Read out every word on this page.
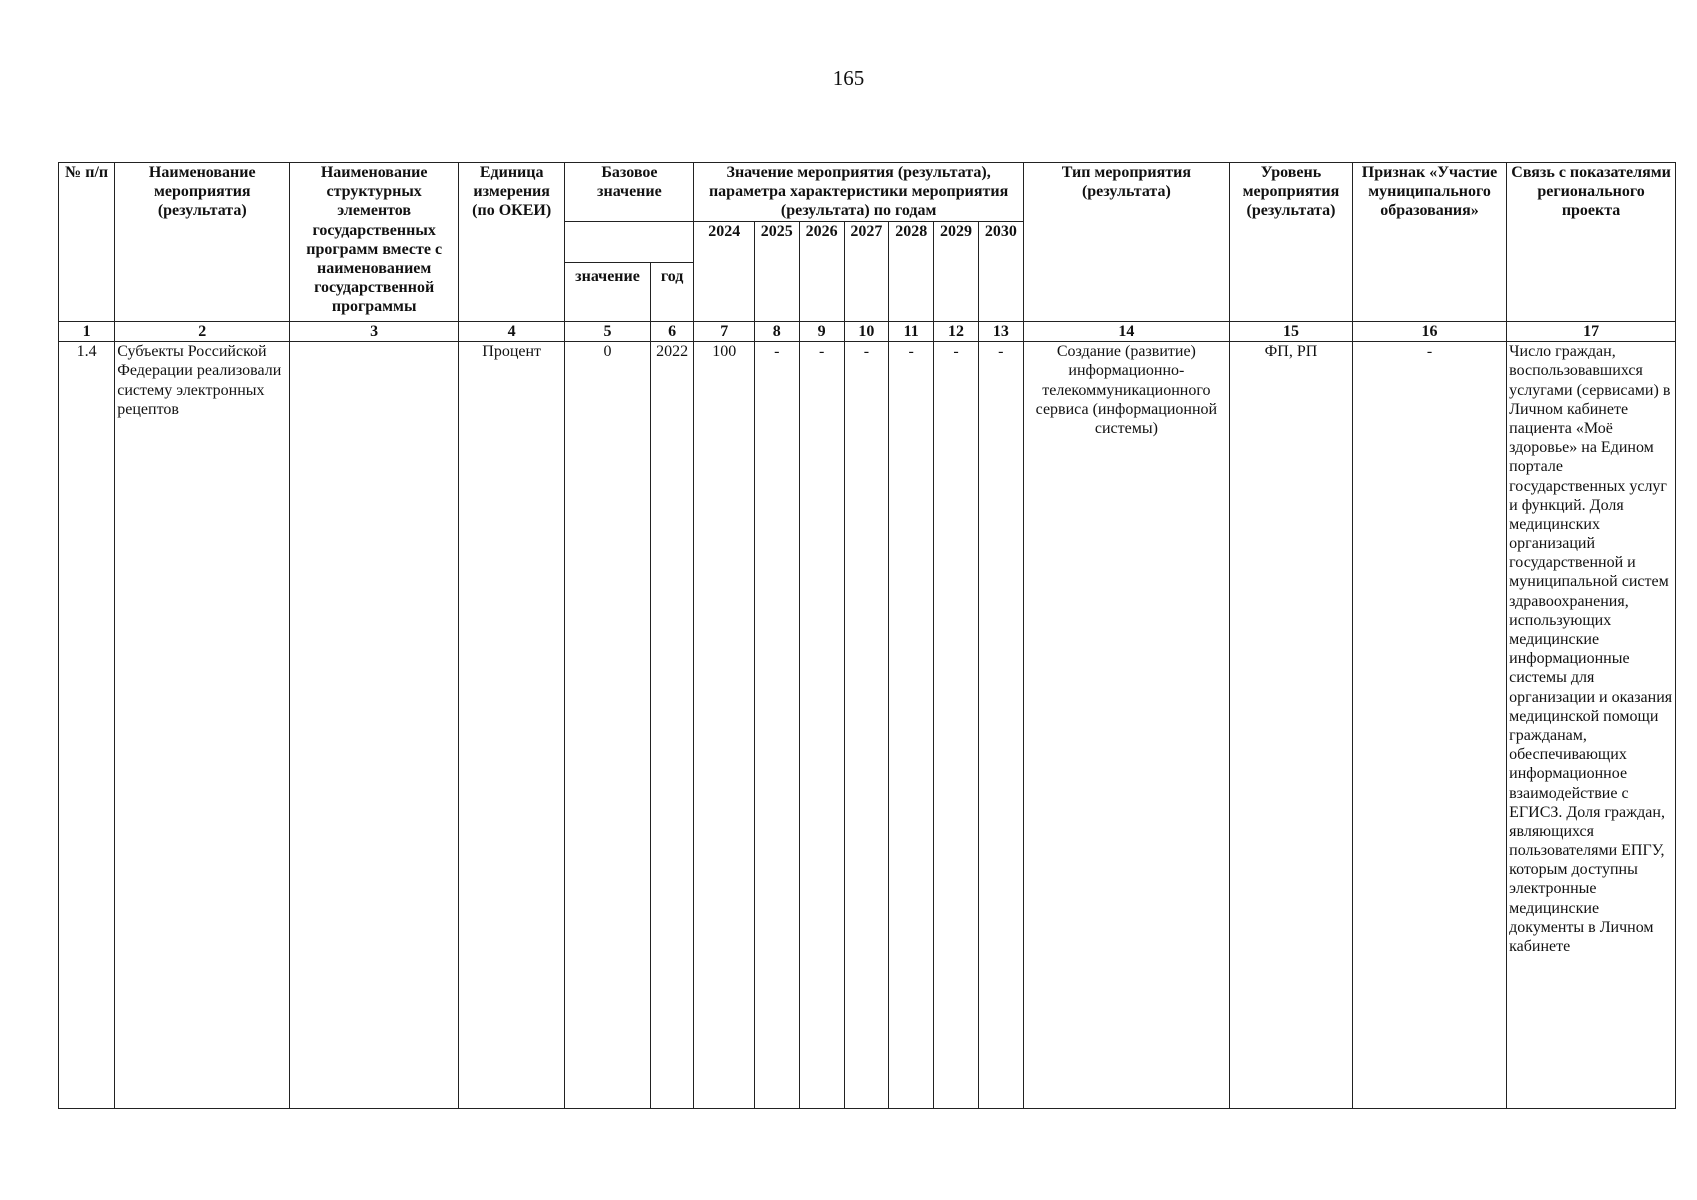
165
№ п/п	Наименование мероприятия (результата)	Наименование структурных элементов государственных программ вместе с наименованием государственной программы	Единица измерения (по ОКЕИ)	Базовое значение		Значение мероприятия (результата), параметра характеристики мероприятия (результата) по годам							Тип мероприятия (результата)	Уровень мероприятия (результата)	Признак «Участие муниципального образования»	Связь с показателями регионального проекта
						2024	2025	2026	2027	2028	2029	2030				
				значение	год											
1	2	3	4	5	6	7	8	9	10	11	12	13	14	15	16	17
1.4	Субъекты Российской Федерации реализовали систему электронных рецептов		Процент	0	2022	100	-	-	-	-	-	-	Создание (развитие) информационно-телекоммуникационного сервиса (информационной системы)	ФП, РП	-	Число граждан, воспользовавшихся услугами (сервисами) в Личном кабинете пациента «Моё здоровье» на Едином портале государственных услуг и функций. Доля медицинских организаций государственной и муниципальной систем здравоохранения, использующих медицинские информационные системы для организации и оказания медицинской помощи гражданам, обеспечивающих информационное взаимодействие с ЕГИСЗ. Доля граждан, являющихся пользователями ЕПГУ, которым доступны электронные медицинские документы в Личном кабинете
